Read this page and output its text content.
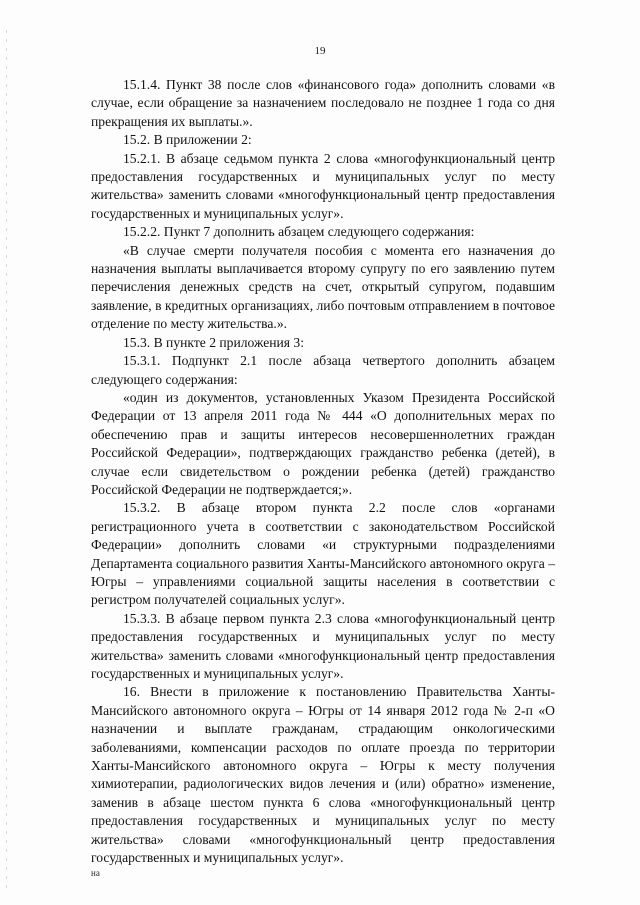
19

15.1.4. Пункт 38 после слов «финансового года» дополнить словами «в случае, если обращение за назначением последовало не позднее 1 года со дня прекращения их выплаты.».

15.2. В приложении 2:

15.2.1. В абзаце седьмом пункта 2 слова «многофункциональный центр предоставления государственных и муниципальных услуг по месту жительства» заменить словами «многофункциональный центр предоставления государственных и муниципальных услуг».

15.2.2. Пункт 7 дополнить абзацем следующего содержания:

«В случае смерти получателя пособия с момента его назначения до назначения выплаты выплачивается второму супругу по его заявлению путем перечисления денежных средств на счет, открытый супругом, подавшим заявление, в кредитных организациях, либо почтовым отправлением в почтовое отделение по месту жительства.».

15.3. В пункте 2 приложения 3:

15.3.1. Подпункт 2.1 после абзаца четвертого дополнить абзацем следующего содержания:

«один из документов, установленных Указом Президента Российской Федерации от 13 апреля 2011 года № 444 «О дополнительных мерах по обеспечению прав и защиты интересов несовершеннолетних граждан Российской Федерации», подтверждающих гражданство ребенка (детей), в случае если свидетельством о рождении ребенка (детей) гражданство Российской Федерации не подтверждается;».

15.3.2. В абзаце втором пункта 2.2 после слов «органами регистрационного учета в соответствии с законодательством Российской Федерации» дополнить словами «и структурными подразделениями Департамента социального развития Ханты-Мансийского автономного округа – Югры – управлениями социальной защиты населения в соответствии с регистром получателей социальных услуг».

15.3.3. В абзаце первом пункта 2.3 слова «многофункциональный центр предоставления государственных и муниципальных услуг по месту жительства» заменить словами «многофункциональный центр предоставления государственных и муниципальных услуг».

16. Внести в приложение к постановлению Правительства Ханты-Мансийского автономного округа – Югры от 14 января 2012 года № 2-п «О назначении и выплате гражданам, страдающим онкологическими заболеваниями, компенсации расходов по оплате проезда по территории Ханты-Мансийского автономного округа – Югры к месту получения химиотерапии, радиологических видов лечения и (или) обратно» изменение, заменив в абзаце шестом пункта 6 слова «многофункциональный центр предоставления государственных и муниципальных услуг по месту жительства» словами «многофункциональный центр предоставления государственных и муниципальных услуг».

на
